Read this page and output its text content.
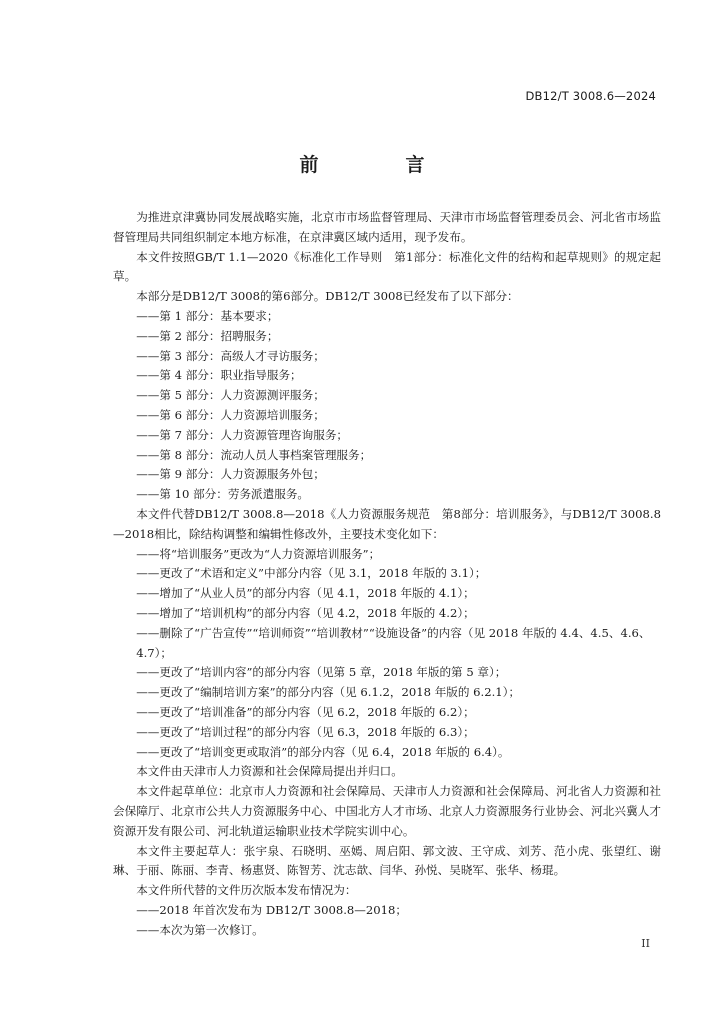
DB12/T 3008.6—2024
前　言

为推进京津冀协同发展战略实施，北京市市场监督管理局、天津市市场监督管理委员会、河北省市场监督管理局共同组织制定本地方标准，在京津冀区域内适用，现予发布。

本文件按照GB/T 1.1—2020《标准化工作导则　第1部分：标准化文件的结构和起草规则》的规定起草。

本部分是DB12/T 3008的第6部分。DB12/T 3008已经发布了以下部分：

——第 1 部分：基本要求；

——第 2 部分：招聘服务；

——第 3 部分：高级人才寻访服务；

——第 4 部分：职业指导服务；

——第 5 部分：人力资源测评服务；

——第 6 部分：人力资源培训服务；

——第 7 部分：人力资源管理咨询服务；

——第 8 部分：流动人员人事档案管理服务；

——第 9 部分：人力资源服务外包；

——第 10 部分：劳务派遣服务。

本文件代替DB12/T 3008.8—2018《人力资源服务规范　第8部分：培训服务》，与DB12/T 3008.8—2018相比，除结构调整和编辑性修改外，主要技术变化如下：

——将“培训服务”更改为“人力资源培训服务”；

——更改了“术语和定义”中部分内容（见 3.1，2018 年版的 3.1）；

——增加了“从业人员”的部分内容（见 4.1，2018 年版的 4.1）；

——增加了“培训机构”的部分内容（见 4.2，2018 年版的 4.2）；

——删除了“广告宣传”“培训师资”“培训教材”“设施设备”的内容（见 2018 年版的 4.4、4.5、4.6、4.7）；

——更改了“培训内容”的部分内容（见第 5 章，2018 年版的第 5 章）；

——更改了“编制培训方案”的部分内容（见 6.1.2，2018 年版的 6.2.1）；

——更改了“培训准备”的部分内容（见 6.2，2018 年版的 6.2）；

——更改了“培训过程”的部分内容（见 6.3，2018 年版的 6.3）；

——更改了“培训变更或取消”的部分内容（见 6.4，2018 年版的 6.4）。

本文件由天津市人力资源和社会保障局提出并归口。

本文件起草单位：北京市人力资源和社会保障局、天津市人力资源和社会保障局、河北省人力资源和社会保障厅、北京市公共人力资源服务中心、中国北方人才市场、北京人力资源服务行业协会、河北兴冀人才资源开发有限公司、河北轨道运输职业技术学院实训中心。

本文件主要起草人：张宇泉、石晓明、巫嫣、周启阳、郭文波、王守成、刘芳、范小虎、张望红、谢琳、于丽、陈丽、李青、杨惠贤、陈智芳、沈志歆、闫华、孙悦、吴晓军、张华、杨琨。

本文件所代替的文件历次版本发布情况为：

——2018 年首次发布为 DB12/T 3008.8—2018；

——本次为第一次修订。

II
